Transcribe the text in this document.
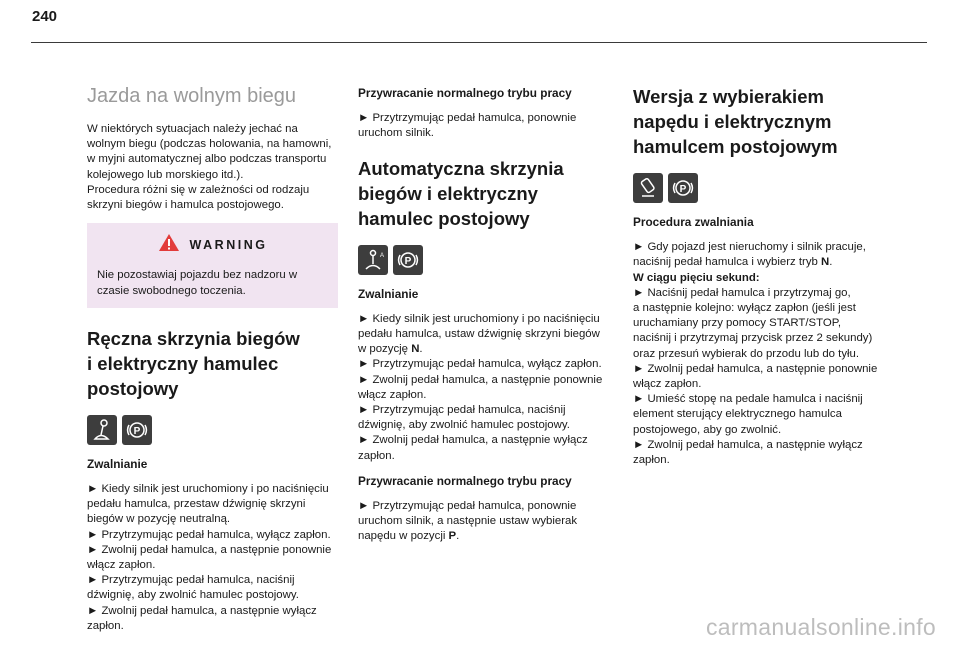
240
Jazda na wolnym biegu

W niektórych sytuacjach należy jechać na
wolnym biegu (podczas holowania, na hamowni,
w myjni automatycznej albo podczas transportu
kolejowego lub morskiego itd.).
Procedura różni się w zależności od rodzaju
skrzyni biegów i hamulca postojowego.

WARNING
Nie pozostawiaj pojazdu bez nadzoru w
czasie swobodnego toczenia.
Ręczna skrzynia biegów
i elektryczny hamulec
postojowy
P
Zwalnianie

► Kiedy silnik jest uruchomiony i po naciśnięciu
pedału hamulca, przestaw dźwignię skrzyni
biegów w pozycję neutralną.
► Przytrzymując pedał hamulca, wyłącz zapłon.
► Zwolnij pedał hamulca, a następnie ponownie
włącz zapłon.
► Przytrzymując pedał hamulca, naciśnij
dźwignię, aby zwolnić hamulec postojowy.
► Zwolnij pedał hamulca, a następnie wyłącz
zapłon.

Przywracanie normalnego trybu pracy

► Przytrzymując pedał hamulca, ponownie
uruchom silnik.

Automatyczna skrzynia
biegów i elektryczny
hamulec postojowy
A P
Zwalnianie

► Kiedy silnik jest uruchomiony i po naciśnięciu
pedału hamulca, ustaw dźwignię skrzyni biegów
w pozycję N.
► Przytrzymując pedał hamulca, wyłącz zapłon.
► Zwolnij pedał hamulca, a następnie ponownie
włącz zapłon.
► Przytrzymując pedał hamulca, naciśnij
dźwignię, aby zwolnić hamulec postojowy.
► Zwolnij pedał hamulca, a następnie wyłącz
zapłon.

Przywracanie normalnego trybu pracy

► Przytrzymując pedał hamulca, ponownie
uruchom silnik, a następnie ustaw wybierak
napędu w pozycji P.

Wersja z wybierakiem
napędu i elektrycznym
hamulcem postojowym
P
Procedura zwalniania

► Gdy pojazd jest nieruchomy i silnik pracuje,
naciśnij pedał hamulca i wybierz tryb N.
W ciągu pięciu sekund:
► Naciśnij pedał hamulca i przytrzymaj go,
a następnie kolejno: wyłącz zapłon (jeśli jest
uruchamiany przy pomocy START/STOP,
naciśnij i przytrzymaj przycisk przez 2 sekundy)
oraz przesuń wybierak do przodu lub do tyłu.
► Zwolnij pedał hamulca, a następnie ponownie
włącz zapłon.
► Umieść stopę na pedale hamulca i naciśnij
element sterujący elektrycznego hamulca
postojowego, aby go zwolnić.
► Zwolnij pedał hamulca, a następnie wyłącz
zapłon.

carmanualsonline.info
